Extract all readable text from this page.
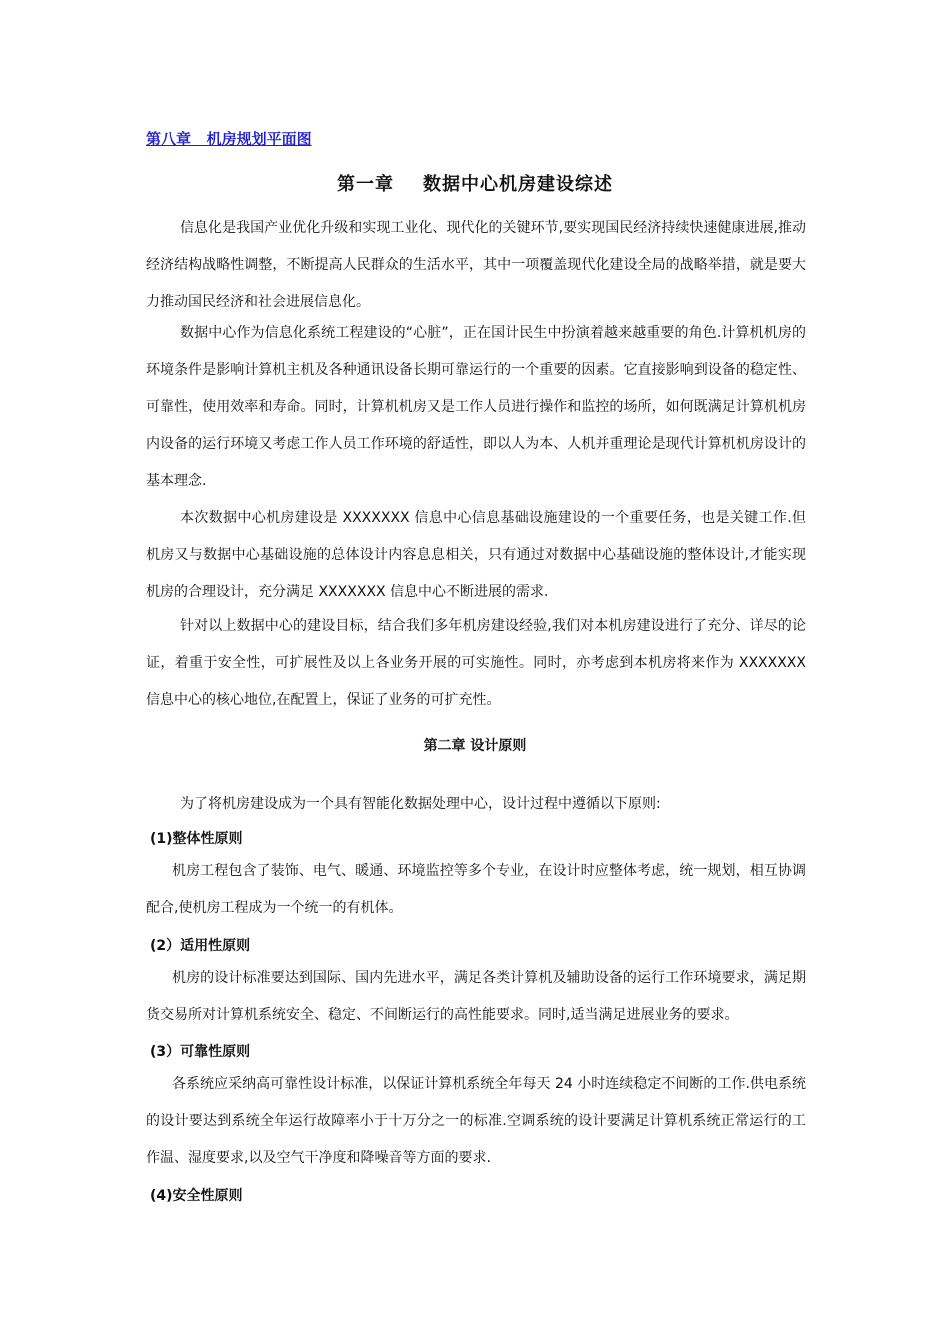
第八章   机房规划平面图
第一章    数据中心机房建设综述

信息化是我国产业优化升级和实现工业化、现代化的关键环节,要实现国民经济持续快速健康进展,推动经济结构战略性调整，不断提高人民群众的生活水平，其中一项覆盖现代化建设全局的战略举措，就是要大力推动国民经济和社会进展信息化。

数据中心作为信息化系统工程建设的“心脏”，正在国计民生中扮演着越来越重要的角色.计算机机房的环境条件是影响计算机主机及各种通讯设备长期可靠运行的一个重要的因素。它直接影响到设备的稳定性、可靠性，使用效率和寿命。同时，计算机机房又是工作人员进行操作和监控的场所，如何既满足计算机机房内设备的运行环境又考虑工作人员工作环境的舒适性，即以人为本、人机并重理论是现代计算机机房设计的基本理念.

本次数据中心机房建设是 XXXXXXX 信息中心信息基础设施建设的一个重要任务，也是关键工作.但机房又与数据中心基础设施的总体设计内容息息相关，只有通过对数据中心基础设施的整体设计,才能实现机房的合理设计，充分满足 XXXXXXX 信息中心不断进展的需求.

针对以上数据中心的建设目标，结合我们多年机房建设经验,我们对本机房建设进行了充分、详尽的论证，着重于安全性，可扩展性及以上各业务开展的可实施性。同时，亦考虑到本机房将来作为 XXXXXXX 信息中心的核心地位,在配置上，保证了业务的可扩充性。

第二章 设计原则

为了将机房建设成为一个具有智能化数据处理中心，设计过程中遵循以下原则:

(1)整体性原则

机房工程包含了装饰、电气、暖通、环境监控等多个专业，在设计时应整体考虑，统一规划，相互协调配合,使机房工程成为一个统一的有机体。

(2）适用性原则

机房的设计标准要达到国际、国内先进水平，满足各类计算机及辅助设备的运行工作环境要求，满足期货交易所对计算机系统安全、稳定、不间断运行的高性能要求。同时,适当满足进展业务的要求。

(3）可靠性原则

各系统应采纳高可靠性设计标准，以保证计算机系统全年每天 24 小时连续稳定不间断的工作.供电系统的设计要达到系统全年运行故障率小于十万分之一的标准.空调系统的设计要满足计算机系统正常运行的工作温、湿度要求,以及空气干净度和降噪音等方面的要求.

(4)安全性原则
